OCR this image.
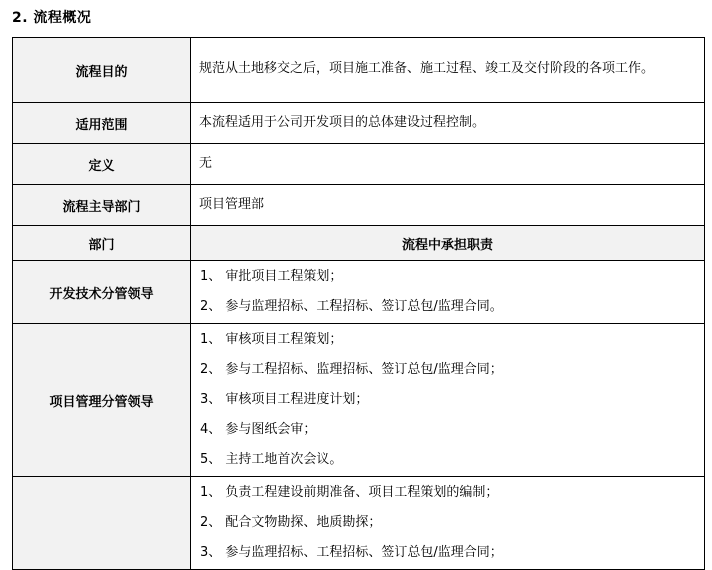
2. 流程概况
流程目的	规范从土地移交之后，项目施工准备、施工过程、竣工及交付阶段的各项工作。
适用范围	本流程适用于公司开发项目的总体建设过程控制。
定义	无
流程主导部门	项目管理部
部门	流程中承担职责
开发技术分管领导	1、 审批项目工程策划；
2、 参与监理招标、工程招标、签订总包/监理合同。

项目管理分管领导	1、 审核项目工程策划；
2、 参与工程招标、监理招标、签订总包/监理合同；
3、 审核项目工程进度计划；
4、 参与图纸会审；
5、 主持工地首次会议。

	1、 负责工程建设前期准备、项目工程策划的编制；
2、 配合文物勘探、地质勘探；
3、 参与监理招标、工程招标、签订总包/监理合同；
